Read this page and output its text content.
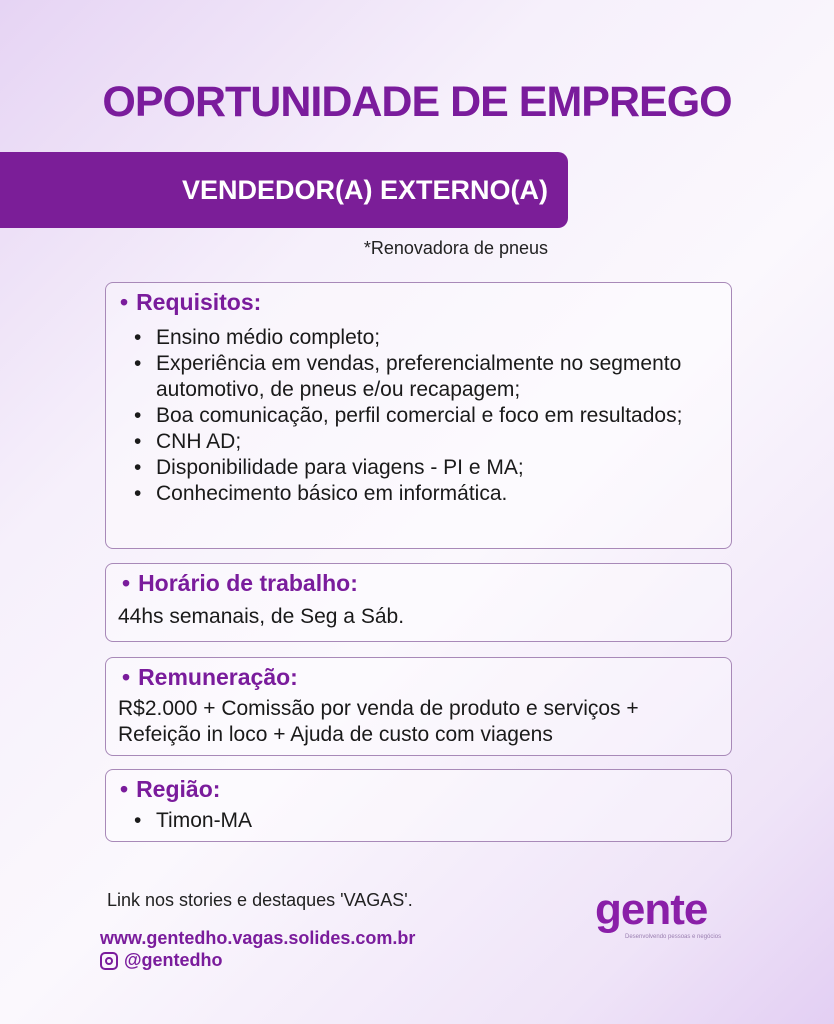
OPORTUNIDADE DE EMPREGO
VENDEDOR(A) EXTERNO(A)
*Renovadora de pneus
• Requisitos:
• Ensino médio completo;
• Experiência em vendas, preferencialmente no segmento automotivo, de pneus e/ou recapagem;
• Boa comunicação, perfil comercial e foco em resultados;
• CNH AD;
• Disponibilidade para viagens - PI e MA;
• Conhecimento básico em informática.
• Horário de trabalho:
44hs semanais, de Seg a Sáb.
• Remuneração:
R$2.000 + Comissão por venda de produto e serviços + Refeição in loco + Ajuda de custo com viagens
• Região:
• Timon-MA
Link nos stories e destaques 'VAGAS'.
www.gentedho.vagas.solides.com.br
@gentedho
gente
Desenvolvendo pessoas e negócios
